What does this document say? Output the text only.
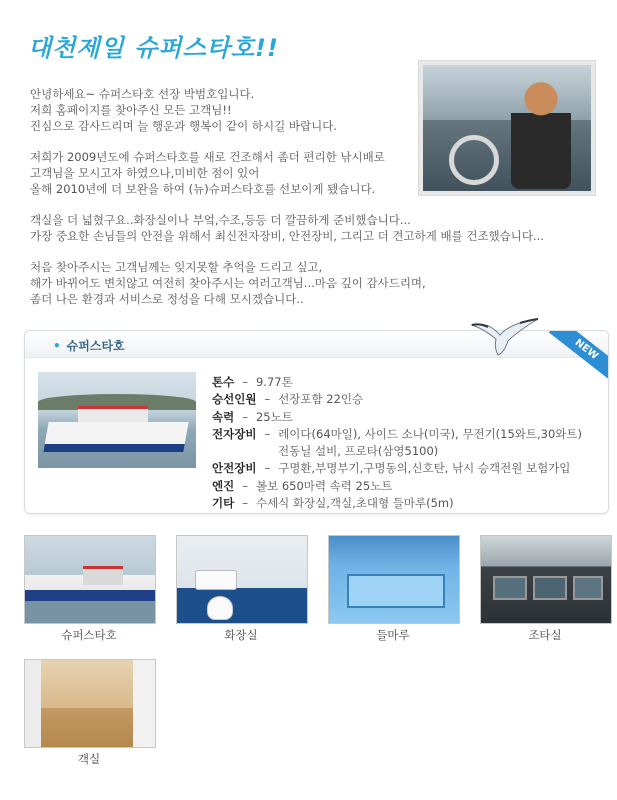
대천제일 슈퍼스타호!!

안녕하세요~ 슈퍼스타호 선장 박범호입니다.
저희 홈페이지를 찾아주신 모든 고객님!!
진심으로 감사드리며 늘 행운과 행복이 같이 하시길 바랍니다.

저희가 2009년도에 슈퍼스타호를 새로 건조해서 좀더 편리한 낚시배로
고객님을 모시고자 하였으나,미비한 점이 있어
올해 2010년에 더 보완을 하여 (뉴)슈퍼스타호를 선보이게 됐습니다.

객실을 더 넓혔구요..화장실이나 부엌,수조,등등 더 깔끔하게 준비했습니다...
가장 중요한 손님들의 안전을 위해서 최신전자장비, 안전장비, 그리고 더 견고하게 배를 건조했습니다...

처음 찾아주시는 고객님께는 잊지못할 추억을 드리고 싶고,
해가 바뀌어도 변치않고 여전히 찾아주시는 여러고객님...마음 깊이 감사드리며,
좀더 나은 환경과 서비스로 정성을 다해 모시겠습니다..

• 슈퍼스타호	NEW
톤수 – 9.77톤
승선인원 – 선장포함 22인승
속력 – 25노트
전자장비 – 레이다(64마일), 사이드 소나(미국), 무전기(15와트,30와트)
전동닐 설비, 프로타(삼영5100)
안전장비 – 구명환,부명부기,구명동의,신호탄, 낚시 승객전원 보험가입
엔진 – 볼보 650마력 속력 25노트
기타 – 수세식 화장실,객실,초대형 들마루(5m)
슈퍼스타호	화장실	들마루	조타실
객실
